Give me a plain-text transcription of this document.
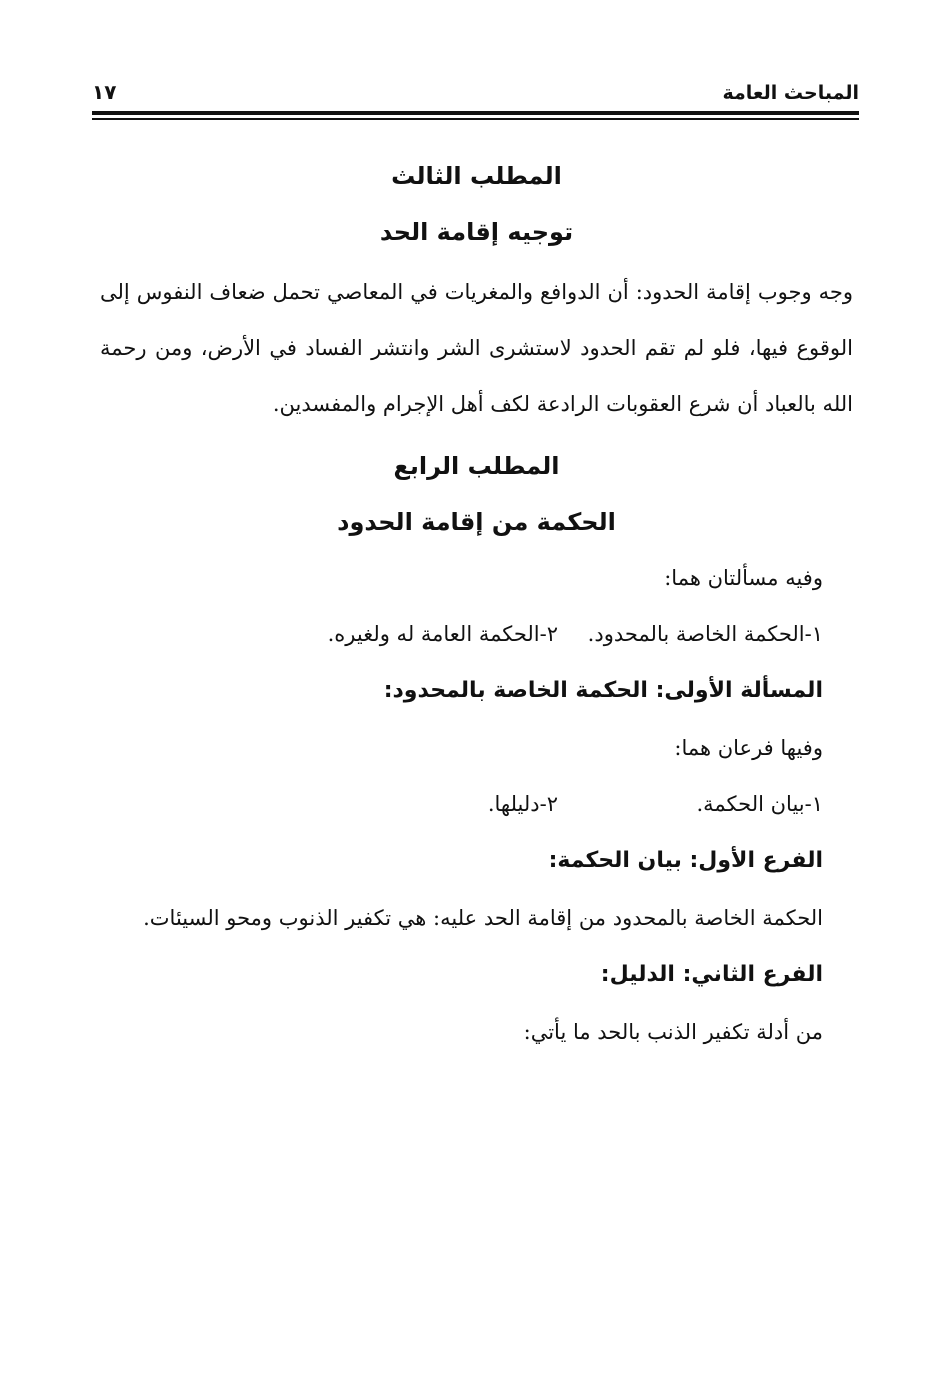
المباحث العامة
١٧
المطلب الثالث
توجيه إقامة الحد

وجه وجوب إقامة الحدود: أن الدوافع والمغريات في المعاصي تحمل ضعاف النفوس إلى الوقوع فيها، فلو لم تقم الحدود لاستشرى الشر وانتشر الفساد في الأرض، ومن رحمة الله بالعباد أن شرع العقوبات الرادعة لكف أهل الإجرام والمفسدين.

المطلب الرابع
الحكمة من إقامة الحدود

وفيه مسألتان هما:

١-الحكمة الخاصة بالمحدود.
٢-الحكمة العامة له ولغيره.
المسألة الأولى: الحكمة الخاصة بالمحدود:

وفيها فرعان هما:

١-بيان الحكمة.
٢-دليلها.
الفرع الأول: بيان الحكمة:

الحكمة الخاصة بالمحدود من إقامة الحد عليه: هي تكفير الذنوب ومحو السيئات.

الفرع الثاني: الدليل:

من أدلة تكفير الذنب بالحد ما يأتي:
